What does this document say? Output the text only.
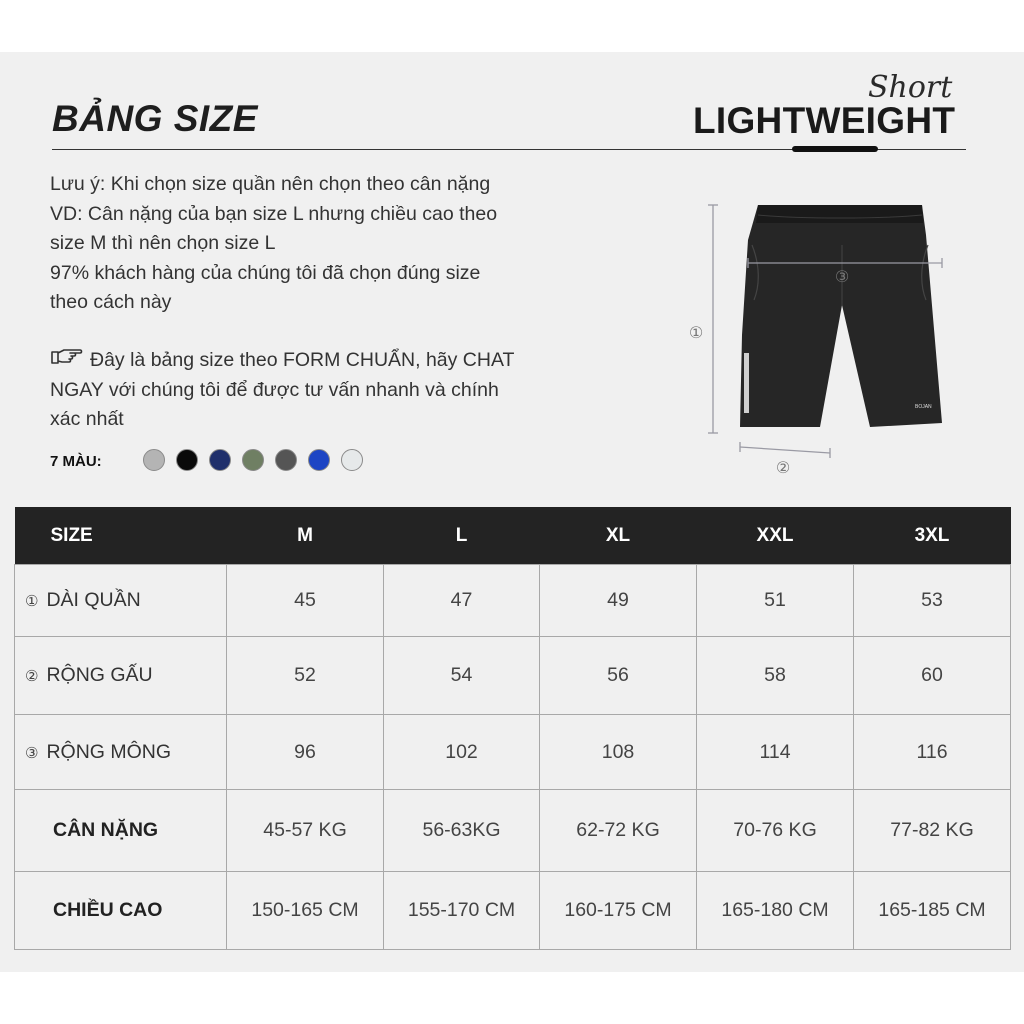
BẢNG SIZE
Short
LIGHTWEIGHT
Lưu ý: Khi chọn size quần nên chọn theo cân nặng
VD: Cân nặng của bạn size L nhưng chiều cao theo
size M thì nên chọn size L
97% khách hàng của chúng tôi đã chọn đúng size
theo cách này
Đây là bảng size theo FORM CHUẨN, hãy CHAT
NGAY với chúng tôi để được tư vấn nhanh và chính
xác nhất
7 MÀU:
BOJAN
③
①
②
SIZE	M	L	XL	XXL	3XL
① DÀI QUẦN	45	47	49	51	53
② RỘNG GẤU	52	54	56	58	60
③ RỘNG MÔNG	96	102	108	114	116
CÂN NẶNG	45-57 KG	56-63KG	62-72 KG	70-76 KG	77-82 KG
CHIỀU CAO	150-165 CM	155-170 CM	160-175 CM	165-180 CM	165-185 CM
